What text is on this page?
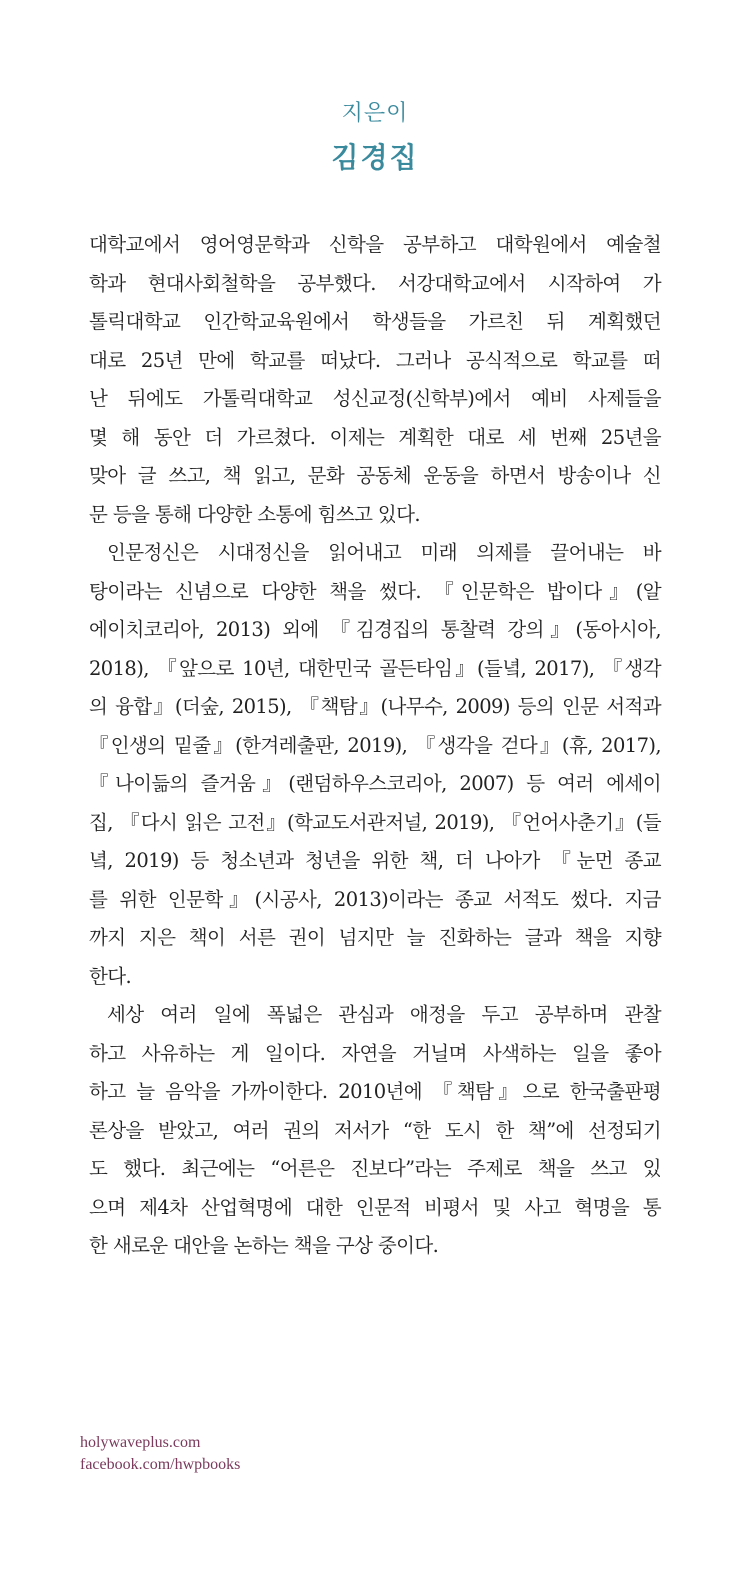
지은이
김경집
대학교에서 영어영문학과 신학을 공부하고 대학원에서 예술철
학과 현대사회철학을 공부했다. 서강대학교에서 시작하여 가
톨릭대학교 인간학교육원에서 학생들을 가르친 뒤 계획했던
대로 25년 만에 학교를 떠났다. 그러나 공식적으로 학교를 떠
난 뒤에도 가톨릭대학교 성신교정(신학부)에서 예비 사제들을
몇 해 동안 더 가르쳤다. 이제는 계획한 대로 세 번째 25년을
맞아 글 쓰고, 책 읽고, 문화 공동체 운동을 하면서 방송이나 신
문 등을 통해 다양한 소통에 힘쓰고 있다.
인문정신은 시대정신을 읽어내고 미래 의제를 끌어내는 바
탕이라는 신념으로 다양한 책을 썼다. 『인문학은 밥이다』(알
에이치코리아, 2013) 외에 『김경집의 통찰력 강의』(동아시아,
2018), 『앞으로 10년, 대한민국 골든타임』(들녘, 2017), 『생각
의 융합』(더숲, 2015), 『책탐』(나무수, 2009) 등의 인문 서적과
『인생의 밑줄』(한겨레출판, 2019), 『생각을 걷다』(휴, 2017),
『나이듦의 즐거움』(랜덤하우스코리아, 2007) 등 여러 에세이
집, 『다시 읽은 고전』(학교도서관저널, 2019), 『언어사춘기』(들
녘, 2019) 등 청소년과 청년을 위한 책, 더 나아가 『눈먼 종교
를 위한 인문학』(시공사, 2013)이라는 종교 서적도 썼다. 지금
까지 지은 책이 서른 권이 넘지만 늘 진화하는 글과 책을 지향
한다.
세상 여러 일에 폭넓은 관심과 애정을 두고 공부하며 관찰
하고 사유하는 게 일이다. 자연을 거닐며 사색하는 일을 좋아
하고 늘 음악을 가까이한다. 2010년에 『책탐』으로 한국출판평
론상을 받았고, 여러 권의 저서가 “한 도시 한 책”에 선정되기
도 했다. 최근에는 “어른은 진보다”라는 주제로 책을 쓰고 있
으며 제4차 산업혁명에 대한 인문적 비평서 및 사고 혁명을 통
한 새로운 대안을 논하는 책을 구상 중이다.
holywaveplus.com
facebook.com/hwpbooks
